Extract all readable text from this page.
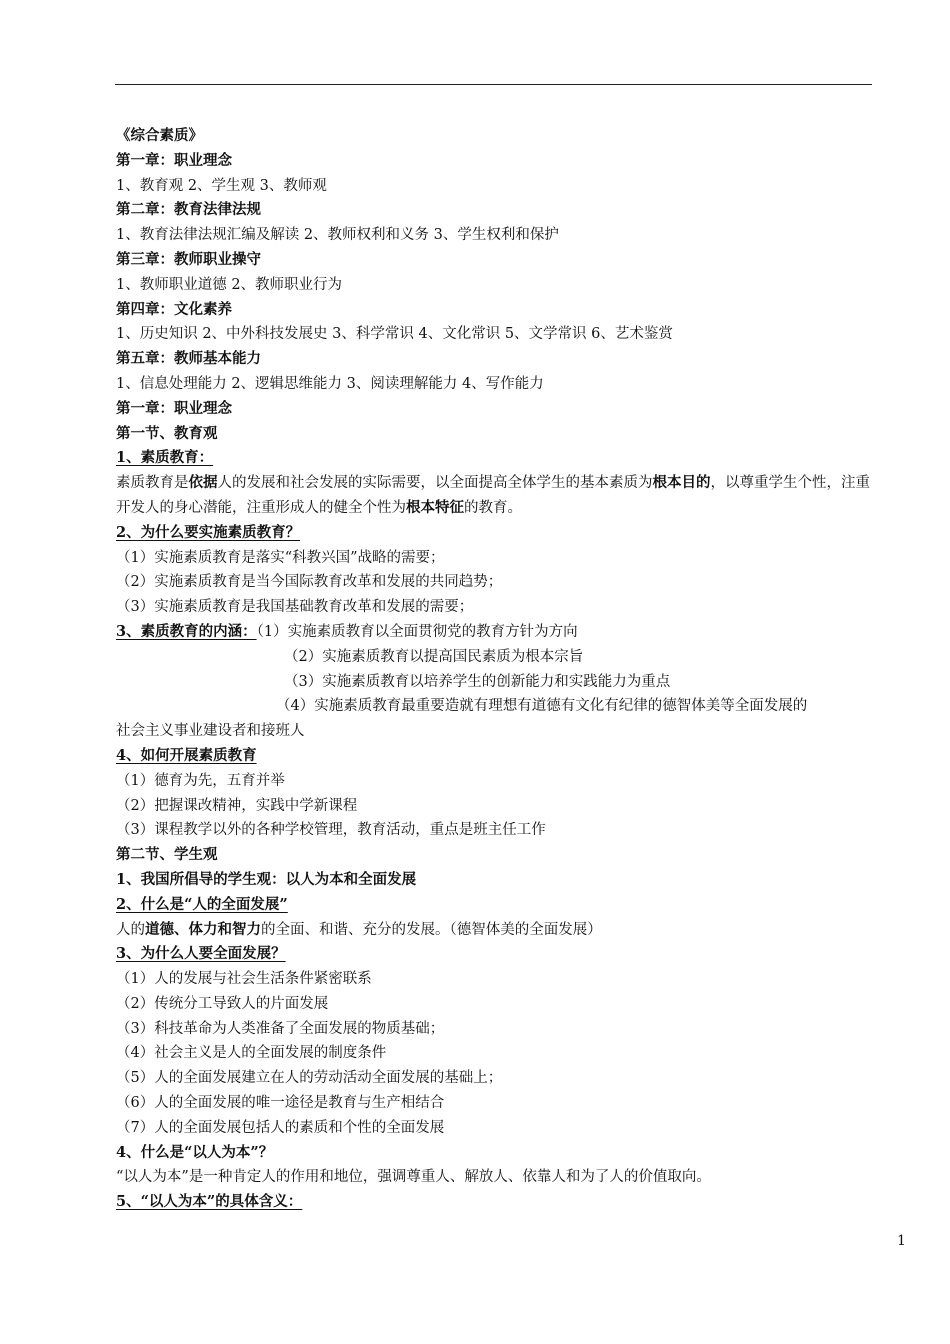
《综合素质》
第一章：职业理念
1、教育观 2、学生观 3、教师观
第二章：教育法律法规
1、教育法律法规汇编及解读 2、教师权利和义务 3、学生权利和保护
第三章：教师职业操守
1、教师职业道德 2、教师职业行为
第四章：文化素养
1、历史知识 2、中外科技发展史 3、科学常识 4、文化常识 5、文学常识 6、艺术鉴赏
第五章：教师基本能力
1、信息处理能力 2、逻辑思维能力 3、阅读理解能力 4、写作能力
第一章：职业理念
第一节、教育观
1、素质教育：
素质教育是依据人的发展和社会发展的实际需要，以全面提高全体学生的基本素质为根本目的，以尊重学生个性，注重开发人的身心潜能，注重形成人的健全个性为根本特征的教育。
2、为什么要实施素质教育？
（1）实施素质教育是落实“科教兴国”战略的需要；
（2）实施素质教育是当今国际教育改革和发展的共同趋势；
（3）实施素质教育是我国基础教育改革和发展的需要；
3、素质教育的内涵：（1）实施素质教育以全面贯彻党的教育方针为方向
（2）实施素质教育以提高国民素质为根本宗旨
（3）实施素质教育以培养学生的创新能力和实践能力为重点
（4）实施素质教育最重要造就有理想有道德有文化有纪律的德智体美等全面发展的
社会主义事业建设者和接班人
4、如何开展素质教育
（1）德育为先，五育并举
（2）把握课改精神，实践中学新课程
（3）课程教学以外的各种学校管理，教育活动，重点是班主任工作
第二节、学生观
1、我国所倡导的学生观：以人为本和全面发展
2、什么是“人的全面发展”
人的道德、体力和智力的全面、和谐、充分的发展。（德智体美的全面发展）
3、为什么人要全面发展？
（1）人的发展与社会生活条件紧密联系
（2）传统分工导致人的片面发展
（3）科技革命为人类准备了全面发展的物质基础；
（4）社会主义是人的全面发展的制度条件
（5）人的全面发展建立在人的劳动活动全面发展的基础上；
（6）人的全面发展的唯一途径是教育与生产相结合
（7）人的全面发展包括人的素质和个性的全面发展
4、什么是“以人为本”？
“以人为本”是一种肯定人的作用和地位，强调尊重人、解放人、依靠人和为了人的价值取向。
5、“以人为本”的具体含义：
1
